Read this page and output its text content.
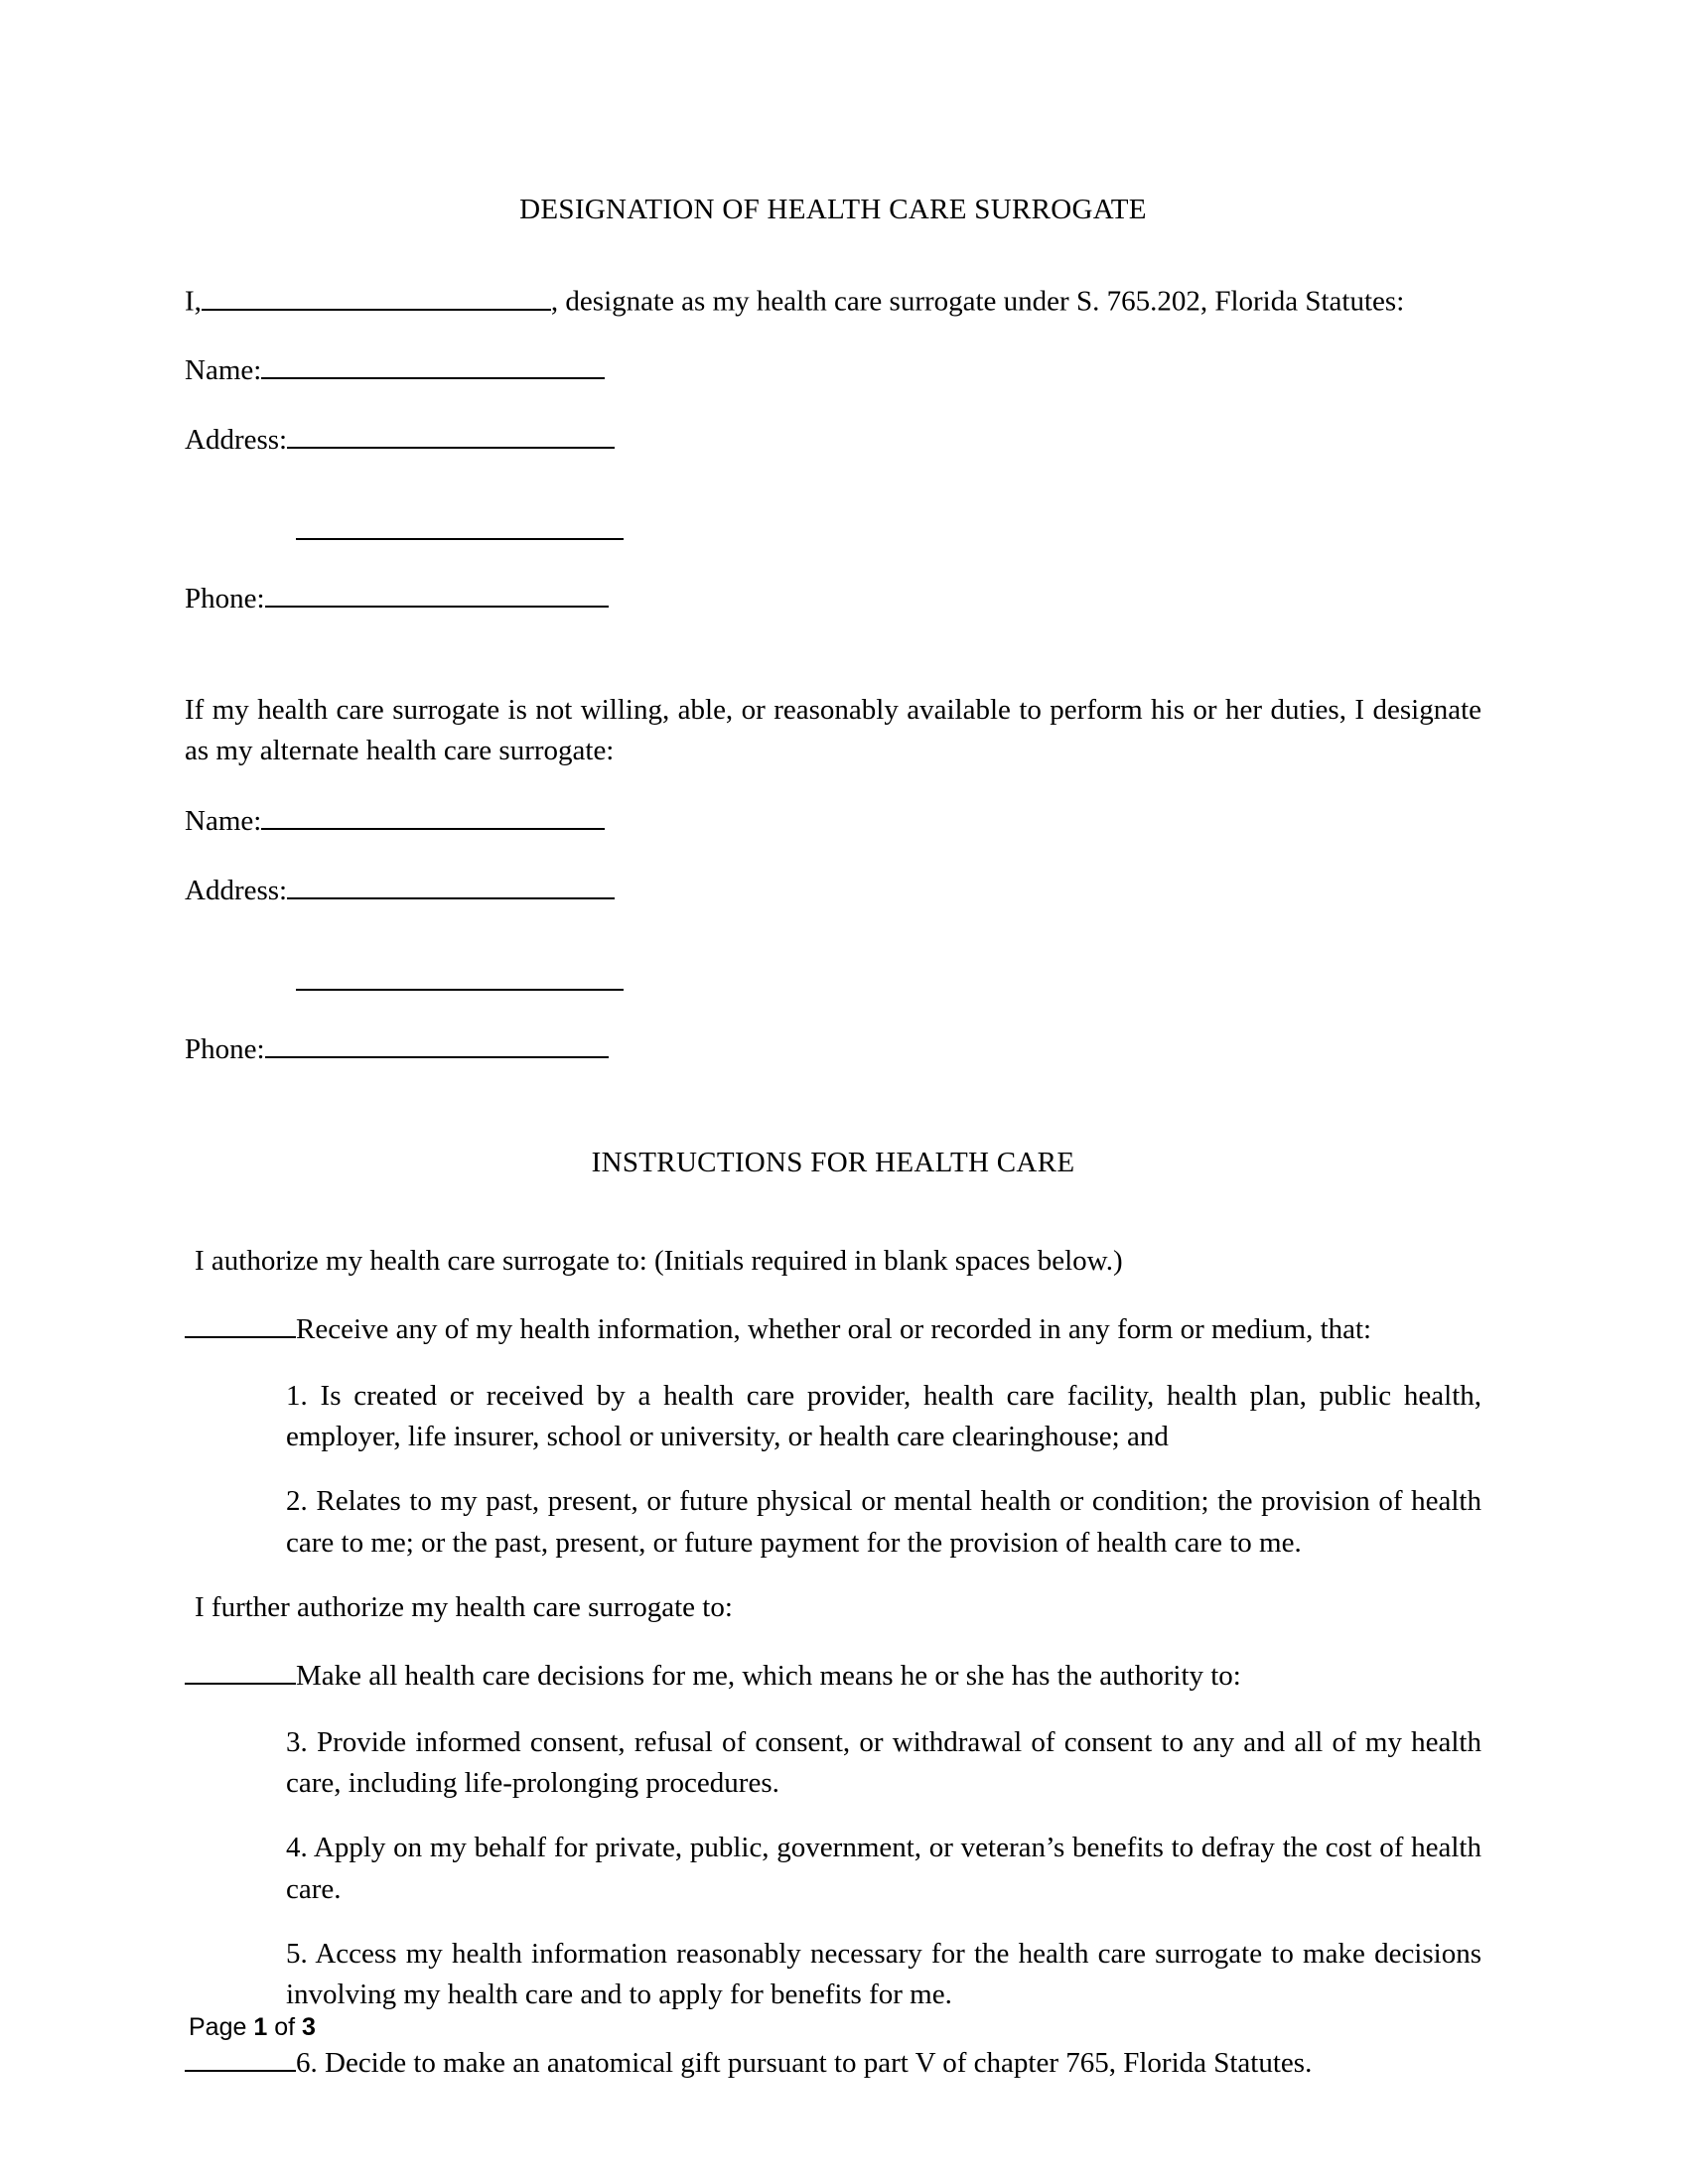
DESIGNATION OF HEALTH CARE SURROGATE
I,	, designate as my health care surrogate under S. 765.202, Florida Statutes:
Name:
Address:
Phone:
If my health care surrogate is not willing, able, or reasonably available to perform his or her duties, I designate as my alternate health care surrogate:
Name:
Address:
Phone:
INSTRUCTIONS FOR HEALTH CARE
I authorize my health care surrogate to: (Initials required in blank spaces below.)
Receive any of my health information, whether oral or recorded in any form or medium, that:
1. Is created or received by a health care provider, health care facility, health plan, public health, employer, life insurer, school or university, or health care clearinghouse; and
2. Relates to my past, present, or future physical or mental health or condition; the provision of health care to me; or the past, present, or future payment for the provision of health care to me.
I further authorize my health care surrogate to:
Make all health care decisions for me, which means he or she has the authority to:
3. Provide informed consent, refusal of consent, or withdrawal of consent to any and all of my health care, including life-prolonging procedures.
4. Apply on my behalf for private, public, government, or veteran’s benefits to defray the cost of health care.
5. Access my health information reasonably necessary for the health care surrogate to make decisions involving my health care and to apply for benefits for me.
6. Decide to make an anatomical gift pursuant to part V of chapter 765, Florida Statutes.
Page 1 of 3
